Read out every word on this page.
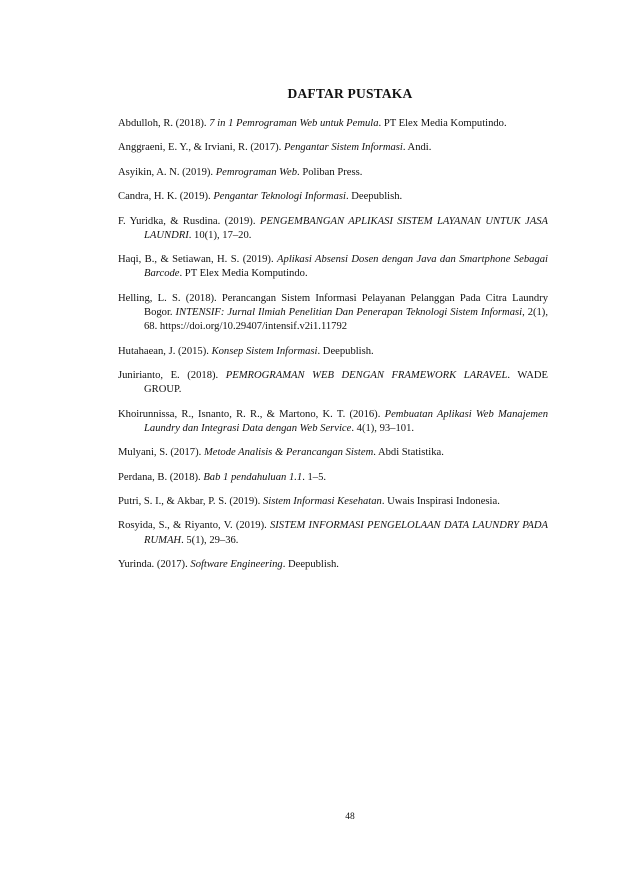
DAFTAR PUSTAKA
Abdulloh, R. (2018). 7 in 1 Pemrograman Web untuk Pemula. PT Elex Media Komputindo.
Anggraeni, E. Y., & Irviani, R. (2017). Pengantar Sistem Informasi. Andi.
Asyikin, A. N. (2019). Pemrograman Web. Poliban Press.
Candra, H. K. (2019). Pengantar Teknologi Informasi. Deepublish.
F. Yuridka, & Rusdina. (2019). PENGEMBANGAN APLIKASI SISTEM LAYANAN UNTUK JASA LAUNDRI. 10(1), 17–20.
Haqi, B., & Setiawan, H. S. (2019). Aplikasi Absensi Dosen dengan Java dan Smartphone Sebagai Barcode. PT Elex Media Komputindo.
Helling, L. S. (2018). Perancangan Sistem Informasi Pelayanan Pelanggan Pada Citra Laundry Bogor. INTENSIF: Jurnal Ilmiah Penelitian Dan Penerapan Teknologi Sistem Informasi, 2(1), 68. https://doi.org/10.29407/intensif.v2i1.11792
Hutahaean, J. (2015). Konsep Sistem Informasi. Deepublish.
Junirianto, E. (2018). PEMROGRAMAN WEB DENGAN FRAMEWORK LARAVEL. WADE GROUP.
Khoirunnissa, R., Isnanto, R. R., & Martono, K. T. (2016). Pembuatan Aplikasi Web Manajemen Laundry dan Integrasi Data dengan Web Service. 4(1), 93–101.
Mulyani, S. (2017). Metode Analisis & Perancangan Sistem. Abdi Statistika.
Perdana, B. (2018). Bab 1 pendahuluan 1.1. 1–5.
Putri, S. I., & Akbar, P. S. (2019). Sistem Informasi Kesehatan. Uwais Inspirasi Indonesia.
Rosyida, S., & Riyanto, V. (2019). SISTEM INFORMASI PENGELOLAAN DATA LAUNDRY PADA RUMAH. 5(1), 29–36.
Yurinda. (2017). Software Engineering. Deepublish.
48
